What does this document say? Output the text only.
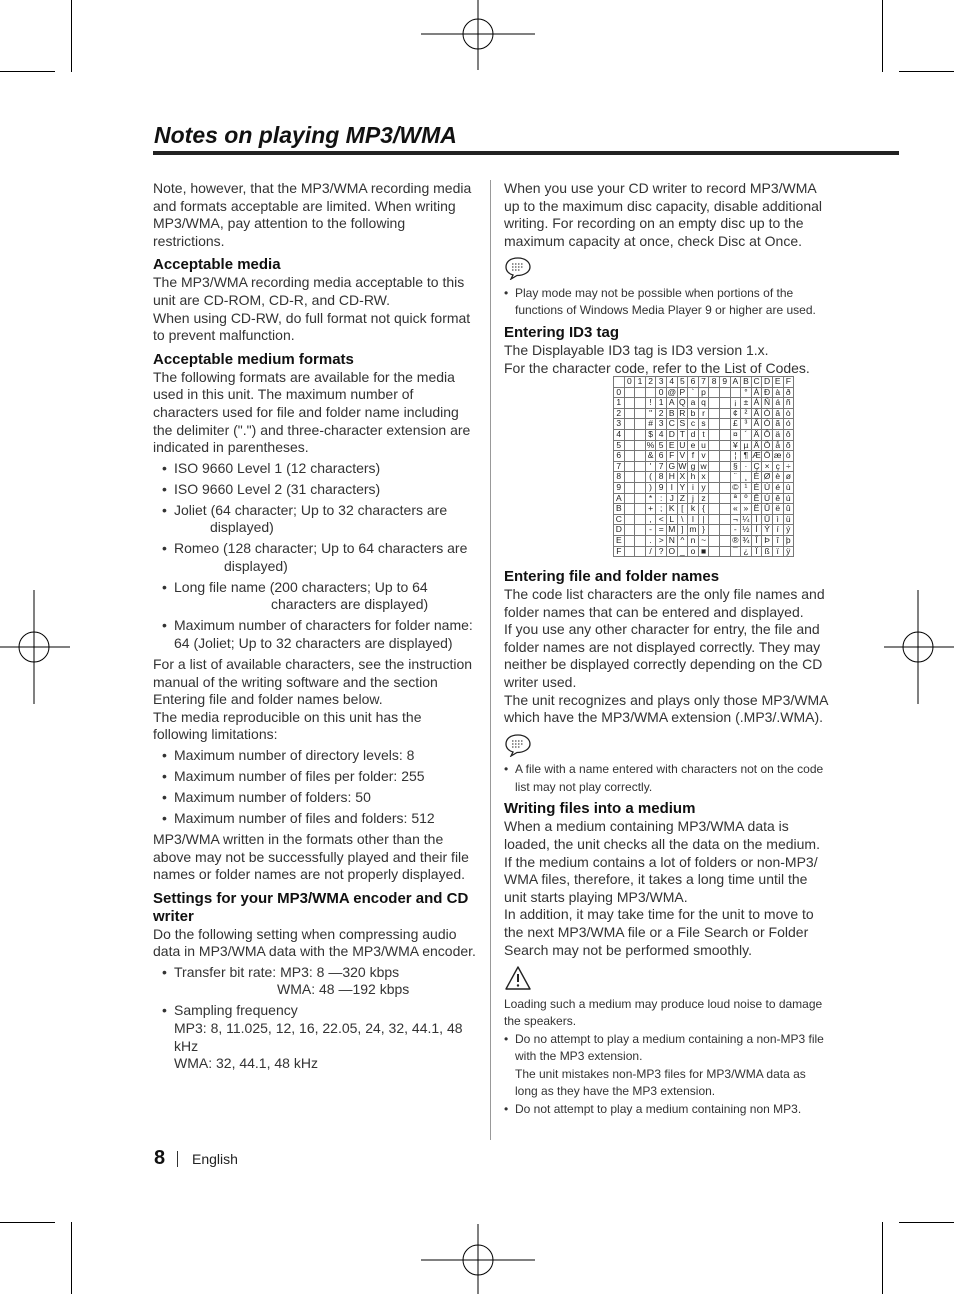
Notes on playing MP3/WMA

Note, however, that the MP3/WMA recording media and formats acceptable are limited. When writing MP3/WMA, pay attention to the following restrictions.

Acceptable media

The MP3/WMA recording media acceptable to this unit are CD-ROM, CD-R, and CD-RW.

When using CD-RW, do full format not quick format to prevent malfunction.

Acceptable medium formats

The following formats are available for the media used in this unit. The maximum number of characters used for file and folder name including the delimiter (".") and three-character extension are indicated in parentheses.

• ISO 9660 Level 1 (12 characters)
• ISO 9660 Level 2 (31 characters)
• Joliet (64 character; Up to 32 characters are
displayed)
• Romeo (128 character; Up to 64 characters are
displayed)
• Long file name (200 characters; Up to 64
characters are displayed)
• Maximum number of characters for folder name: 64 (Joliet; Up to 32 characters are displayed)

For a list of available characters, see the instruction manual of the writing software and the section Entering file and folder names below.

The media reproducible on this unit has the following limitations:

• Maximum number of directory levels: 8
• Maximum number of files per folder: 255
• Maximum number of folders: 50
• Maximum number of files and folders: 512

MP3/WMA written in the formats other than the above may not be successfully played and their file names or folder names are not properly displayed.

Settings for your MP3/WMA encoder and CD writer

Do the following setting when compressing audio data in MP3/WMA data with the MP3/WMA encoder.

• Transfer bit rate: MP3: 8 —320 kbps
WMA: 48 —192 kbps
• Sampling frequency
MP3: 8, 11.025, 12, 16, 22.05, 24, 32, 44.1, 48 kHz
WMA: 32, 44.1, 48 kHz

When you use your CD writer to record MP3/WMA up to the maximum disc capacity, disable additional writing. For recording on an empty disc up to the maximum capacity at once, check Disc at Once.

• Play mode may not be possible when portions of the functions of Windows Media Player 9 or higher are used.
Entering ID3 tag

The Displayable ID3 tag is ID3 version 1.x.

For the character code, refer to the List of Codes.

	0	1	2	3	4	5	6	7	8	9	A	B	C	D	E	F
0				0	@	P	`	p				°	À	Ð	à	ð
1			!	1	A	Q	a	q			¡	±	Á	Ñ	á	ñ
2			"	2	B	R	b	r			¢	²	Â	Ò	â	ò
3			#	3	C	S	c	s			£	³	Ã	Ó	ã	ó
4			$	4	D	T	d	t			¤	´	Ä	Ô	ä	ô
5			%	5	E	U	e	u			¥	µ	Å	Õ	å	õ
6			&	6	F	V	f	v			¦	¶	Æ	Ö	æ	ö
7			'	7	G	W	g	w			§	·	Ç	×	ç	÷
8			(	8	H	X	h	x			¨	¸	È	Ø	è	ø
9			)	9	I	Y	i	y			©	¹	É	Ù	é	ù
A			*	:	J	Z	j	z			ª	º	Ê	Ú	ê	ú
B			+	;	K	[	k	{			«	»	Ë	Û	ë	û
C			,	<	L	\	l	|			¬	¼	Ì	Ü	ì	ü
D			-	=	M	]	m	}			-	½	Í	Ý	í	ý
E			.	>	N	^	n	~			®	¾	Î	Þ	î	þ
F			/	?	O	_	o	■			¯	¿	Ï	ß	ï	ÿ
Entering file and folder names

The code list characters are the only file names and folder names that can be entered and displayed.

If you use any other character for entry, the file and folder names are not displayed correctly. They may neither be displayed correctly depending on the CD writer used.

The unit recognizes and plays only those MP3/WMA which have the MP3/WMA extension (.MP3/.WMA).

• A file with a name entered with characters not on the code list may not play correctly.
Writing files into a medium

When a medium containing MP3/WMA data is loaded, the unit checks all the data on the medium. If the medium contains a lot of folders or non-MP3/ WMA files, therefore, it takes a long time until the unit starts playing MP3/WMA.

In addition, it may take time for the unit to move to the next MP3/WMA file or a File Search or Folder Search may not be performed smoothly.

Loading such a medium may produce loud noise to damage the speakers.

• Do no attempt to play a medium containing a non-MP3 file with the MP3 extension.
The unit mistakes non-MP3 files for MP3/WMA data as long as they have the MP3 extension.
• Do not attempt to play a medium containing non MP3.
8 English
